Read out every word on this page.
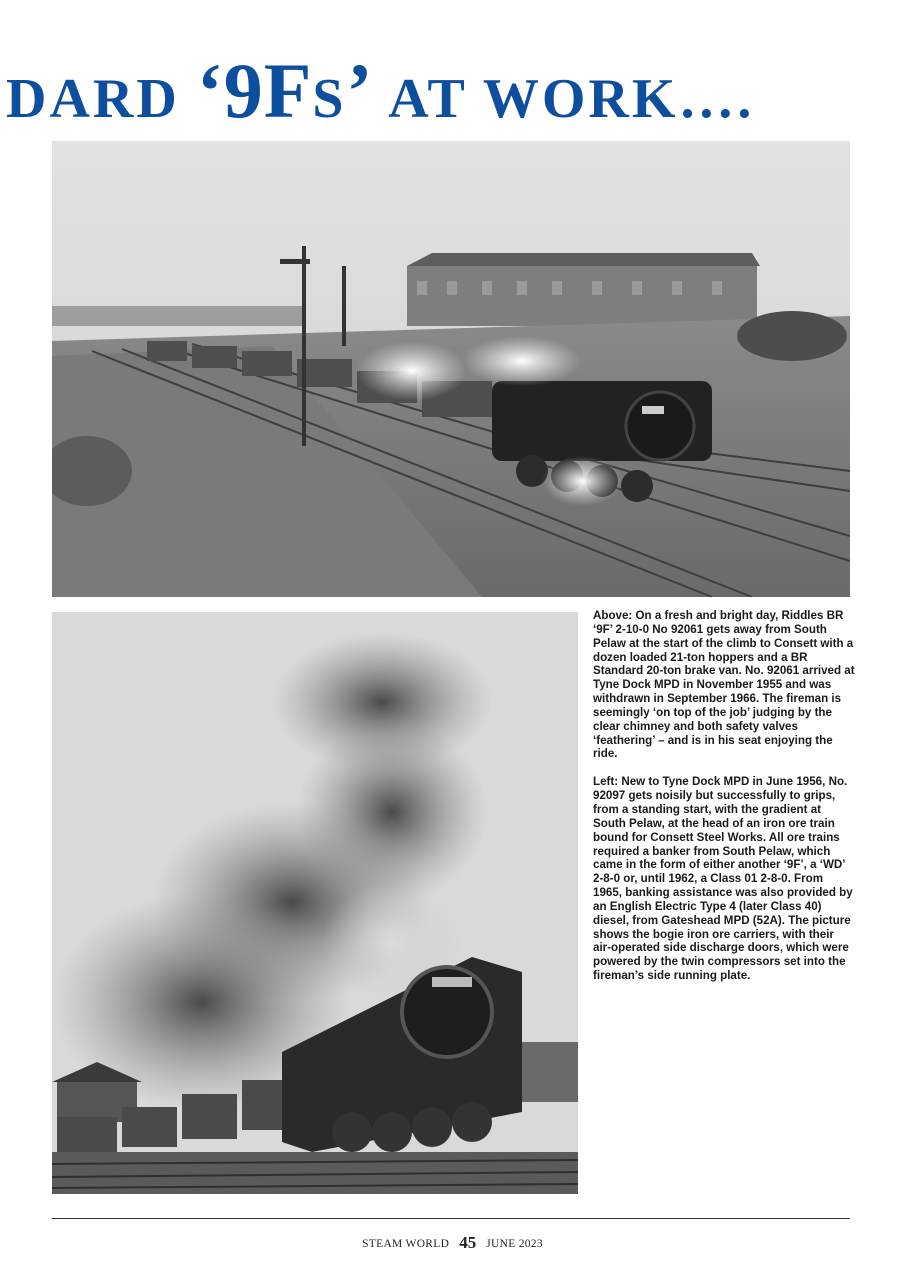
DARD ‘9FS’ AT WORK….

Above: On a fresh and bright day, Riddles BR ‘9F’ 2-10-0 No 92061 gets away from South Pelaw at the start of the climb to Consett with a dozen loaded 21-ton hoppers and a BR Standard 20-ton brake van. No. 92061 arrived at Tyne Dock MPD in November 1955 and was withdrawn in September 1966. The fireman is seemingly ‘on top of the job’ judging by the clear chimney and both safety valves ‘feathering’ – and is in his seat enjoying the ride.

Left: New to Tyne Dock MPD in June 1956, No. 92097 gets noisily but successfully to grips, from a standing start, with the gradient at South Pelaw, at the head of an iron ore train bound for Consett Steel Works. All ore trains required a banker from South Pelaw, which came in the form of either another ‘9F’, a ‘WD’ 2-8-0 or, until 1962, a Class 01 2-8-0. From 1965, banking assistance was also provided by an English Electric Type 4 (later Class 40) diesel, from Gateshead MPD (52A). The picture shows the bogie iron ore carriers, with their air-operated side discharge doors, which were powered by the twin compressors set into the fireman’s side running plate.

STEAM WORLD 45 JUNE 2023
